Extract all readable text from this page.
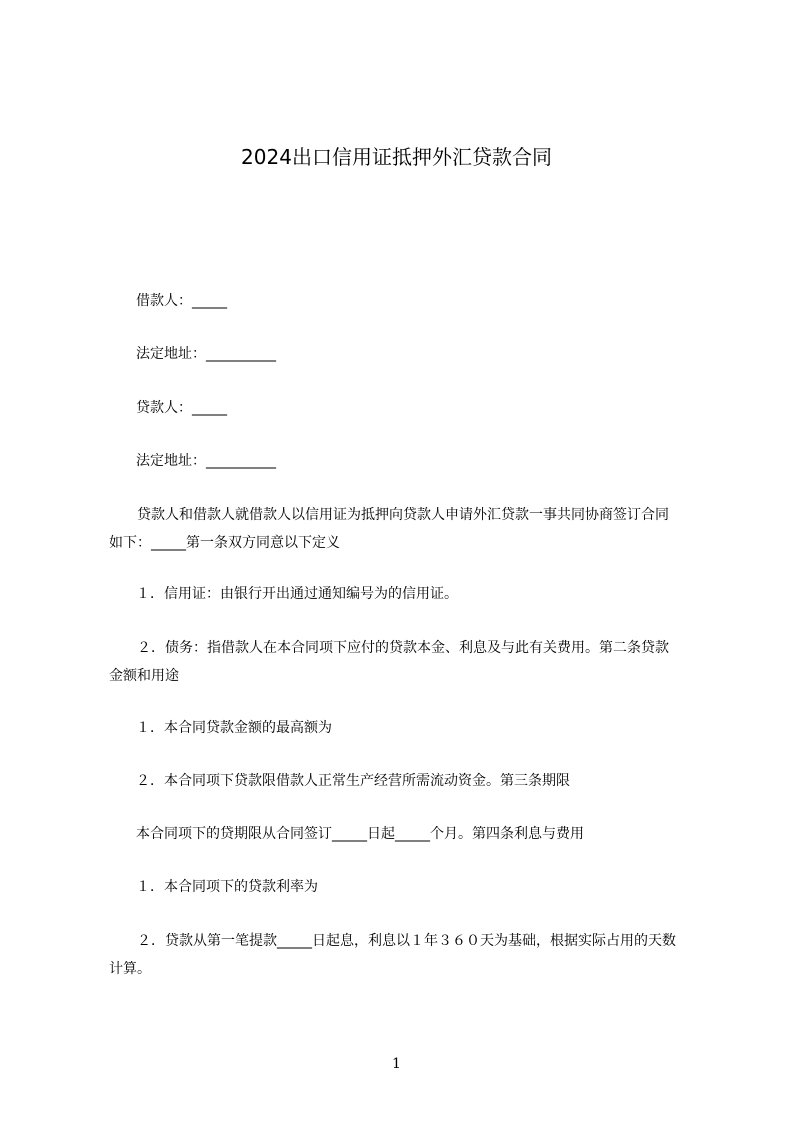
2024出口信用证抵押外汇贷款合同

借款人：_____

法定地址：__________

贷款人：_____

法定地址：__________

贷款人和借款人就借款人以信用证为抵押向贷款人申请外汇贷款一事共同协商签订合同如下：_____第一条双方同意以下定义

１．信用证：由银行开出通过通知编号为的信用证。

２．债务：指借款人在本合同项下应付的贷款本金、利息及与此有关费用。第二条贷款金额和用途

１．本合同贷款金额的最高额为

２．本合同项下贷款限借款人正常生产经营所需流动资金。第三条期限

本合同项下的贷期限从合同签订_____日起_____个月。第四条利息与费用

１．本合同项下的贷款利率为

２．贷款从第一笔提款_____日起息，利息以１年３６０天为基础，根据实际占用的天数计算。

1
